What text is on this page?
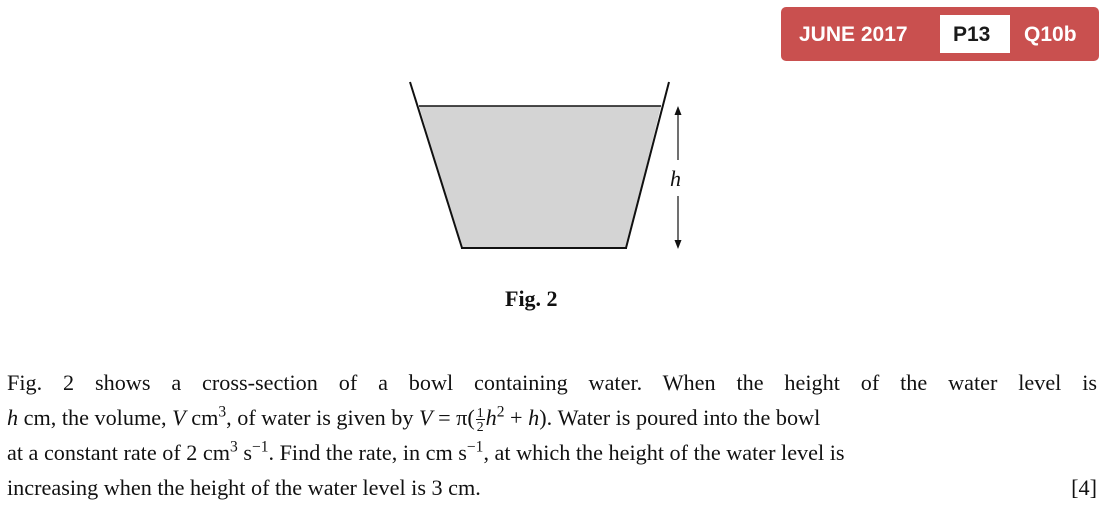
JUNE 2017 P13 Q10b
h
Fig. 2
Fig. 2 shows a cross-section of a bowl containing water. When the height of the water level is
h cm, the volume, V $cm^3$, of water is given by $V = \pi( \frac{1}{2} h^2 + h)$. Water is poured into the bowl
at a constant rate of 2 $cm^3$ $s^{-1}$. Find the rate, in cm $s^{-1}$, at which the height of the water level is
increasing when the height of the water level is 3 cm.	[4]
